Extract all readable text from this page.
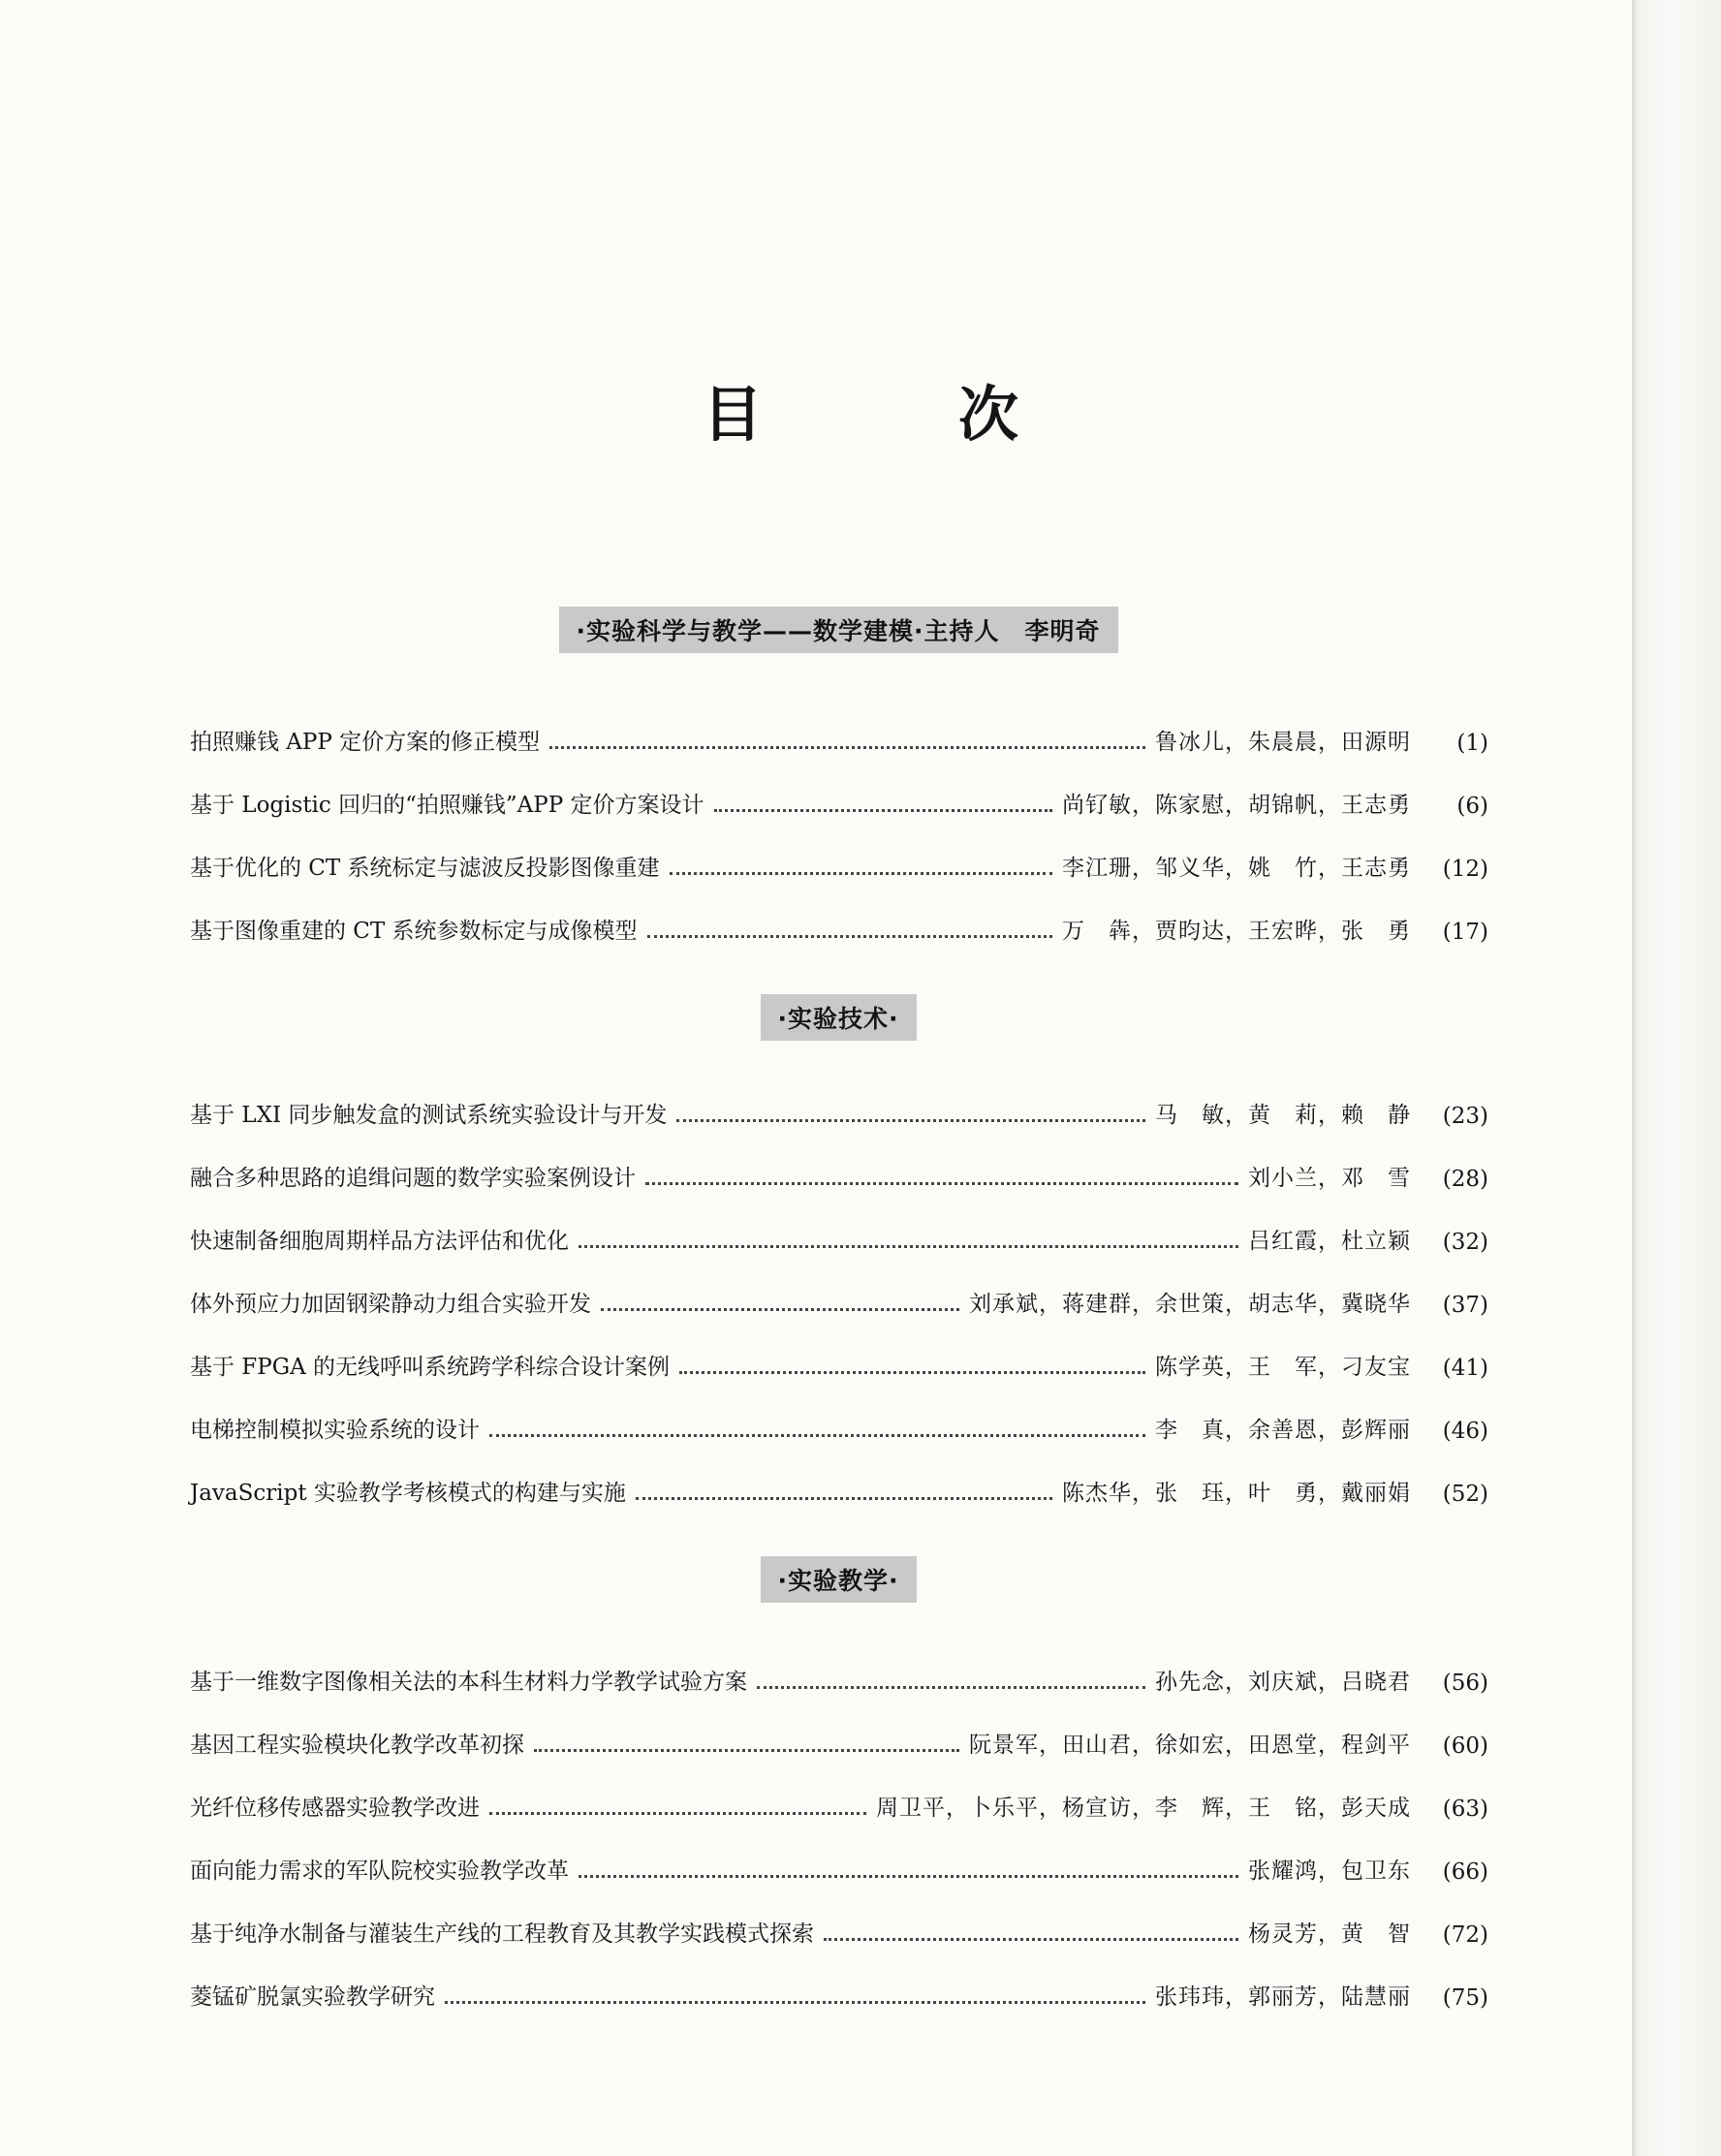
目　次
·实验科学与教学——数学建模·主持人　李明奇
拍照赚钱 APP 定价方案的修正模型	鲁冰儿，朱晨晨，田源明	(1)
基于 Logistic 回归的“拍照赚钱”APP 定价方案设计	尚钌敏，陈家慰，胡锦帆，王志勇	(6)
基于优化的 CT 系统标定与滤波反投影图像重建	李江珊，邹义华，姚　竹，王志勇	(12)
基于图像重建的 CT 系统参数标定与成像模型	万　犇，贾昀达，王宏晔，张　勇	(17)
·实验技术·
基于 LXI 同步触发盒的测试系统实验设计与开发	马　敏，黄　莉，赖　静	(23)
融合多种思路的追缉问题的数学实验案例设计	刘小兰，邓　雪	(28)
快速制备细胞周期样品方法评估和优化	吕红霞，杜立颖	(32)
体外预应力加固钢梁静动力组合实验开发	刘承斌，蒋建群，余世策，胡志华，冀晓华	(37)
基于 FPGA 的无线呼叫系统跨学科综合设计案例	陈学英，王　军，刁友宝	(41)
电梯控制模拟实验系统的设计	李　真，余善恩，彭辉丽	(46)
JavaScript 实验教学考核模式的构建与实施	陈杰华，张　珏，叶　勇，戴丽娟	(52)
·实验教学·
基于一维数字图像相关法的本科生材料力学教学试验方案	孙先念，刘庆斌，吕晓君	(56)
基因工程实验模块化教学改革初探	阮景军，田山君，徐如宏，田恩堂，程剑平	(60)
光纤位移传感器实验教学改进	周卫平，卜乐平，杨宣访，李　辉，王　铭，彭天成	(63)
面向能力需求的军队院校实验教学改革	张耀鸿，包卫东	(66)
基于纯净水制备与灌装生产线的工程教育及其教学实践模式探索	杨灵芳，黄　智	(72)
菱锰矿脱氯实验教学研究	张玮玮，郭丽芳，陆慧丽	(75)
